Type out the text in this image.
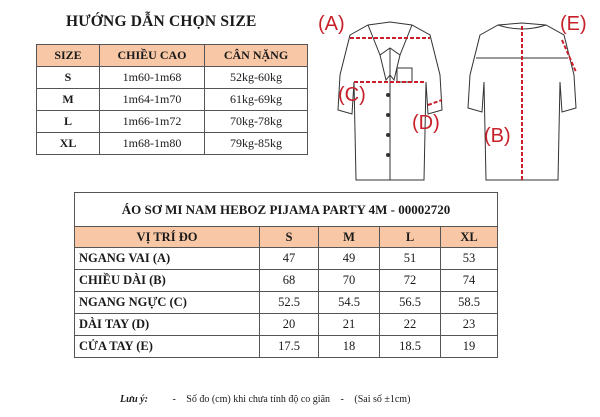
HƯỚNG DẪN CHỌN SIZE
SIZE	CHIỀU CAO	CÂN NẶNG
S	1m60-1m68	52kg-60kg
M	1m64-1m70	61kg-69kg
L	1m66-1m72	70kg-78kg
XL	1m68-1m80	79kg-85kg
(A)
(C)
(D)
(B)
(E)
ÁO SƠ MI NAM HEBOZ PIJAMA PARTY 4M - 00002720				
VỊ TRÍ ĐO	S	M	L	XL
NGANG VAI (A)	47	49	51	53
CHIỀU DÀI (B)	68	70	72	74
NGANG NGỰC (C)	52.5	54.5	56.5	58.5
DÀI TAY (D)	20	21	22	23
CỬA TAY (E)	17.5	18	18.5	19
Lưu ý: - Số đo (cm) khi chưa tính độ co giãn - (Sai số ±1cm)
